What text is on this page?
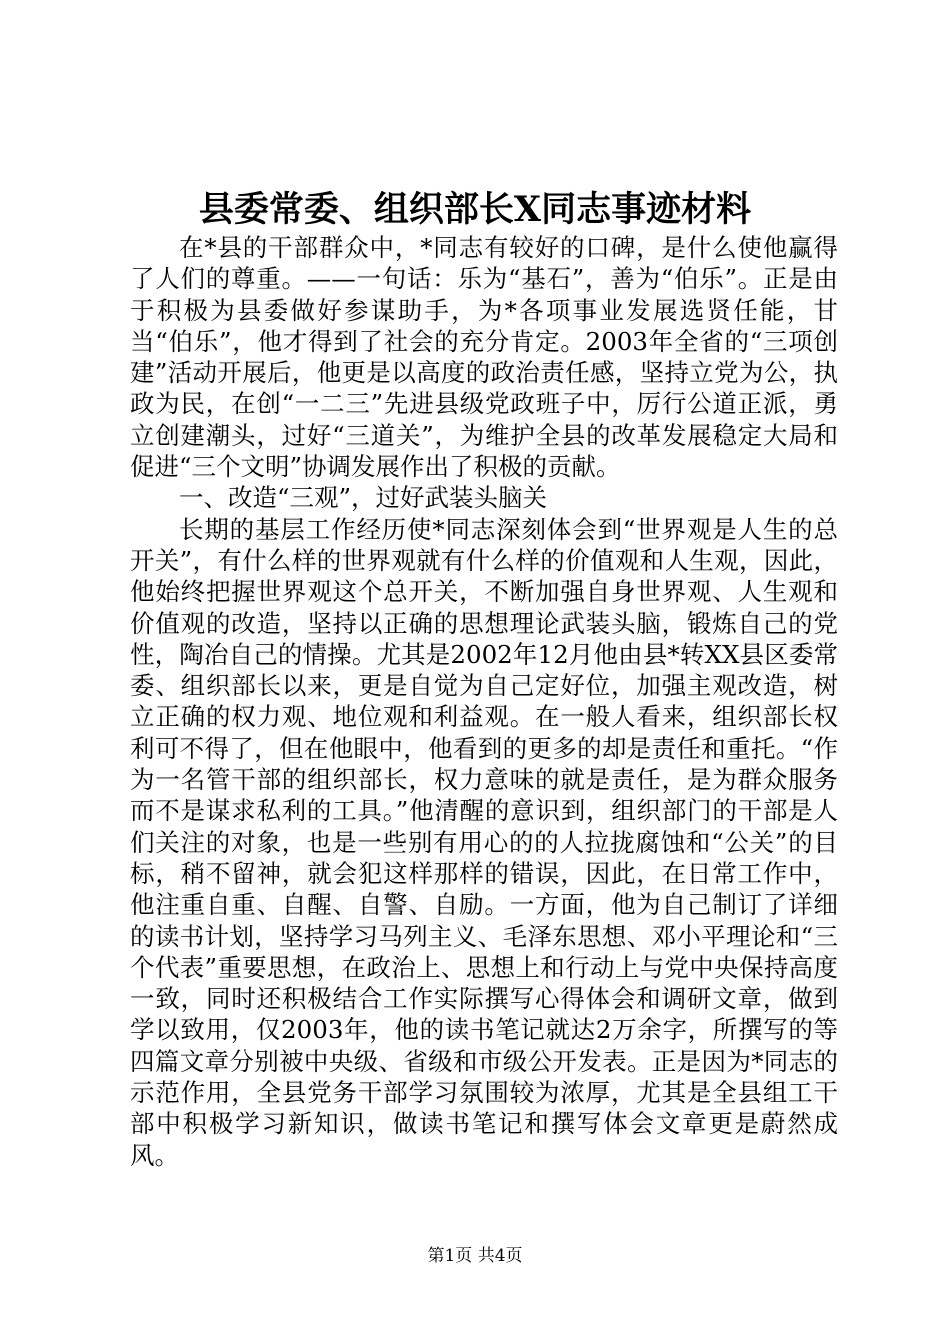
县委常委、组织部长X同志事迹材料

在*县的干部群众中，*同志有较好的口碑，是什么使他赢得了人们的尊重。——一句话：乐为“基石”，善为“伯乐”。正是由于积极为县委做好参谋助手，为*各项事业发展选贤任能，甘当“伯乐”，他才得到了社会的充分肯定。2003年全省的“三项创建”活动开展后，他更是以高度的政治责任感，坚持立党为公，执政为民，在创“一二三”先进县级党政班子中，厉行公道正派，勇立创建潮头，过好“三道关”，为维护全县的改革发展稳定大局和促进“三个文明”协调发展作出了积极的贡献。

一、改造“三观”，过好武装头脑关

长期的基层工作经历使*同志深刻体会到“世界观是人生的总开关”，有什么样的世界观就有什么样的价值观和人生观，因此，他始终把握世界观这个总开关，不断加强自身世界观、人生观和价值观的改造，坚持以正确的思想理论武装头脑，锻炼自己的党性，陶冶自己的情操。尤其是2002年12月他由县*转XX县区委常委、组织部长以来，更是自觉为自己定好位，加强主观改造，树立正确的权力观、地位观和利益观。在一般人看来，组织部长权利可不得了，但在他眼中，他看到的更多的却是责任和重托。“作为一名管干部的组织部长，权力意味的就是责任，是为群众服务而不是谋求私利的工具。”他清醒的意识到，组织部门的干部是人们关注的对象，也是一些别有用心的的人拉拢腐蚀和“公关”的目标，稍不留神，就会犯这样那样的错误，因此，在日常工作中，他注重自重、自醒、自警、自励。一方面，他为自己制订了详细的读书计划，坚持学习马列主义、毛泽东思想、邓小平理论和“三个代表”重要思想，在政治上、思想上和行动上与党中央保持高度一致，同时还积极结合工作实际撰写心得体会和调研文章，做到学以致用，仅2003年，他的读书笔记就达2万余字，所撰写的等四篇文章分别被中央级、省级和市级公开发表。正是因为*同志的示范作用，全县党务干部学习氛围较为浓厚，尤其是全县组工干部中积极学习新知识，做读书笔记和撰写体会文章更是蔚然成风。

第1页 共4页
